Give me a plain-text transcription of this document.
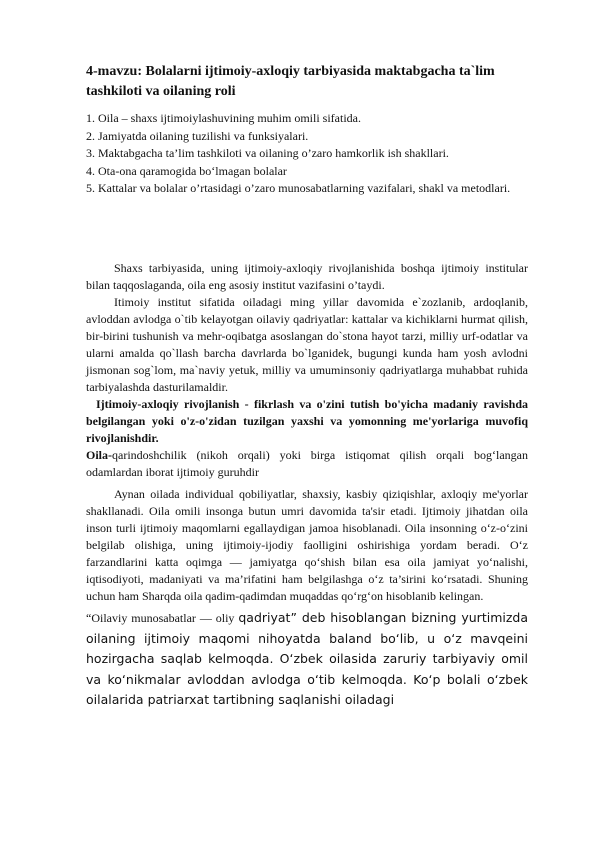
4-mavzu: Bolalarni ijtimoiy-axloqiy tarbiyasida maktabgacha ta`lim tashkiloti va oilaning roli
1. Oila – shaxs ijtimoiylashuvining muhim omili sifatida.
2. Jamiyatda oilaning tuzilishi va funksiyalari.
3. Maktabgacha ta’lim tashkiloti va oilaning o’zaro hamkorlik ish shakllari.
4. Ota-ona qaramogida bo‘lmagan bolalar
5. Kattalar va bolalar o’rtasidagi o’zaro munosabatlarning vazifalari, shakl va metodlari.

Shaxs tarbiyasida, uning ijtimoiy-axloqiy rivojlanishida boshqa ijtimoiy institular bilan taqqoslaganda, oila eng asosiy institut vazifasini o’taydi.

Itimoiy institut sifatida oiladagi ming yillar davomida e`zozlanib, ardoqlanib, avloddan avlodga o`tib kelayotgan oilaviy qadriyatlar: kattalar va kichiklarni hurmat qilish, bir-birini tushunish va mehr-oqibatga asoslangan do`stona hayot tarzi, milliy urf-odatlar va ularni amalda qo`llash barcha davrlarda bo`lganidek, bugungi kunda ham yosh avlodni jismonan sog`lom, ma`naviy yetuk, milliy va umuminsoniy qadriyatlarga muhabbat ruhida tarbiyalashda dasturilamaldir.

Ijtimoiy-axloqiy rivojlanish - fikrlash va o'zini tutish bo'yicha madaniy ravishda belgilangan yoki o'z-o'zidan tuzilgan yaxshi va yomonning me'yorlariga muvofiq rivojlanishdir.

Oila-qarindoshchilik (nikoh orqali) yoki birga istiqomat qilish orqali bog‘langan odamlardan iborat ijtimoiy guruhdir

Aynan oilada individual qobiliyatlar, shaxsiy, kasbiy qiziqishlar, axloqiy me'yorlar shakllanadi. Oila omili insonga butun umri davomida ta'sir etadi. Ijtimoiy jihatdan oila inson turli ijtimoiy maqomlarni egallaydigan jamoa hisoblanadi. Oila insonning o‘z-o‘zini belgilab olishiga, uning ijtimoiy-ijodiy faolligini oshirishiga yordam beradi. O‘z farzandlarini katta oqimga — jamiyatga qo‘shish bilan esa oila jamiyat yo‘nalishi, iqtisodiyoti, madaniyati va ma’rifatini ham belgilashga o‘z ta’sirini ko‘rsatadi. Shuning uchun ham Sharqda oila qadim-qadimdan muqaddas qo‘rg‘on hisoblanib kelingan.

“Oilaviy munosabatlar — oliy qadriyat” deb hisoblangan bizning yurtimizda oilaning ijtimoiy maqomi nihoyatda baland bo‘lib, u o‘z mavqeini hozirgacha saqlab kelmoqda. O‘zbek oilasida zaruriy tarbiyaviy omil va ko‘nikmalar avloddan avlodga o‘tib kelmoqda. Ko‘p bolali o‘zbek oilalarida patriarxat tartibning saqlanishi oiladagi
